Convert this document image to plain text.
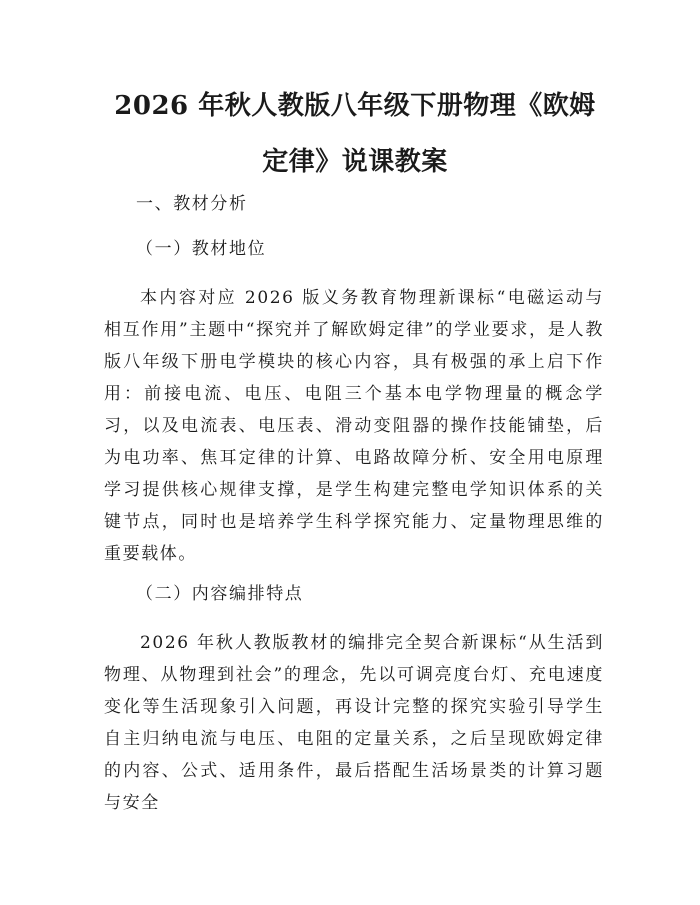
2026 年秋人教版八年级下册物理《欧姆定律》说课教案

一、教材分析

（一）教材地位

本内容对应 2026 版义务教育物理新课标“电磁运动与相互作用”主题中“探究并了解欧姆定律”的学业要求，是人教版八年级下册电学模块的核心内容，具有极强的承上启下作用：前接电流、电压、电阻三个基本电学物理量的概念学习，以及电流表、电压表、滑动变阻器的操作技能铺垫，后为电功率、焦耳定律的计算、电路故障分析、安全用电原理学习提供核心规律支撑，是学生构建完整电学知识体系的关键节点，同时也是培养学生科学探究能力、定量物理思维的重要载体。

（二）内容编排特点

2026 年秋人教版教材的编排完全契合新课标“从生活到物理、从物理到社会”的理念，先以可调亮度台灯、充电速度变化等生活现象引入问题，再设计完整的探究实验引导学生自主归纳电流与电压、电阻的定量关系，之后呈现欧姆定律的内容、公式、适用条件，最后搭配生活场景类的计算习题与安全
